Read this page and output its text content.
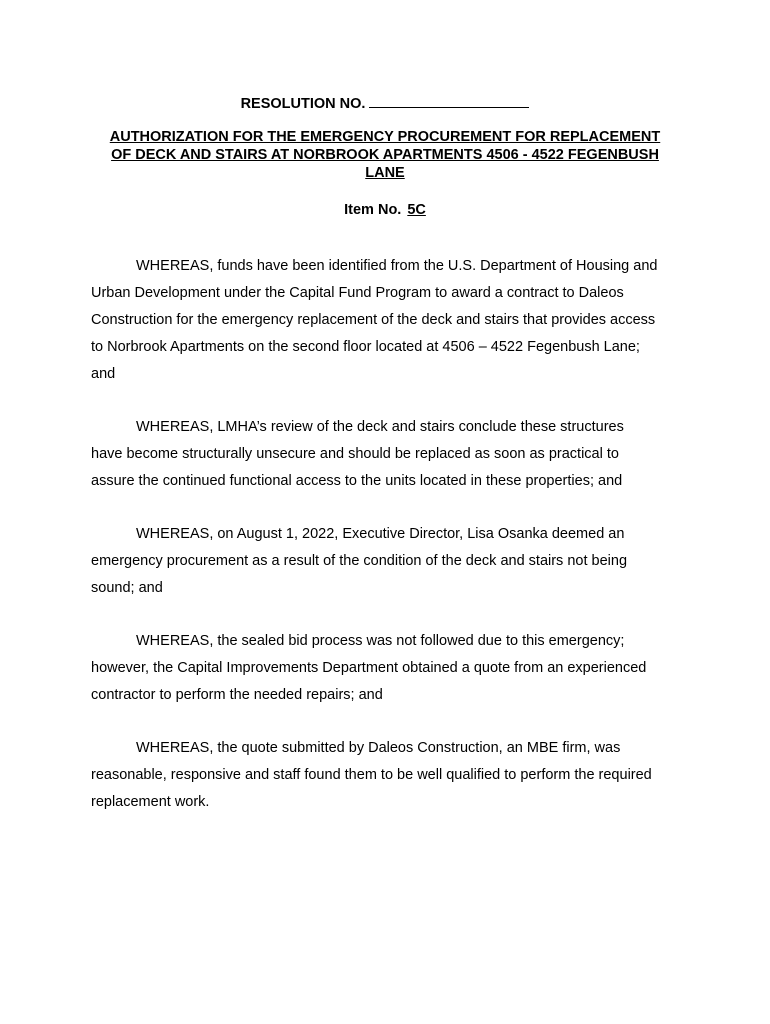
RESOLUTION NO.
AUTHORIZATION FOR THE EMERGENCY PROCUREMENT FOR REPLACEMENT
OF DECK AND STAIRS AT NORBROOK APARTMENTS 4506 - 4522 FEGENBUSH
LANE
Item No. 5C
WHEREAS, funds have been identified from the U.S. Department of Housing and
Urban Development under the Capital Fund Program to award a contract to Daleos
Construction for the emergency replacement of the deck and stairs that provides access
to Norbrook Apartments on the second floor located at 4506 – 4522 Fegenbush Lane;
and
WHEREAS, LMHA’s review of the deck and stairs conclude these structures
have become structurally unsecure and should be replaced as soon as practical to
assure the continued functional access to the units located in these properties; and
WHEREAS, on August 1, 2022, Executive Director, Lisa Osanka deemed an
emergency procurement as a result of the condition of the deck and stairs not being
sound; and
WHEREAS, the sealed bid process was not followed due to this emergency;
however, the Capital Improvements Department obtained a quote from an experienced
contractor to perform the needed repairs; and
WHEREAS, the quote submitted by Daleos Construction, an MBE firm, was
reasonable, responsive and staff found them to be well qualified to perform the required
replacement work.
